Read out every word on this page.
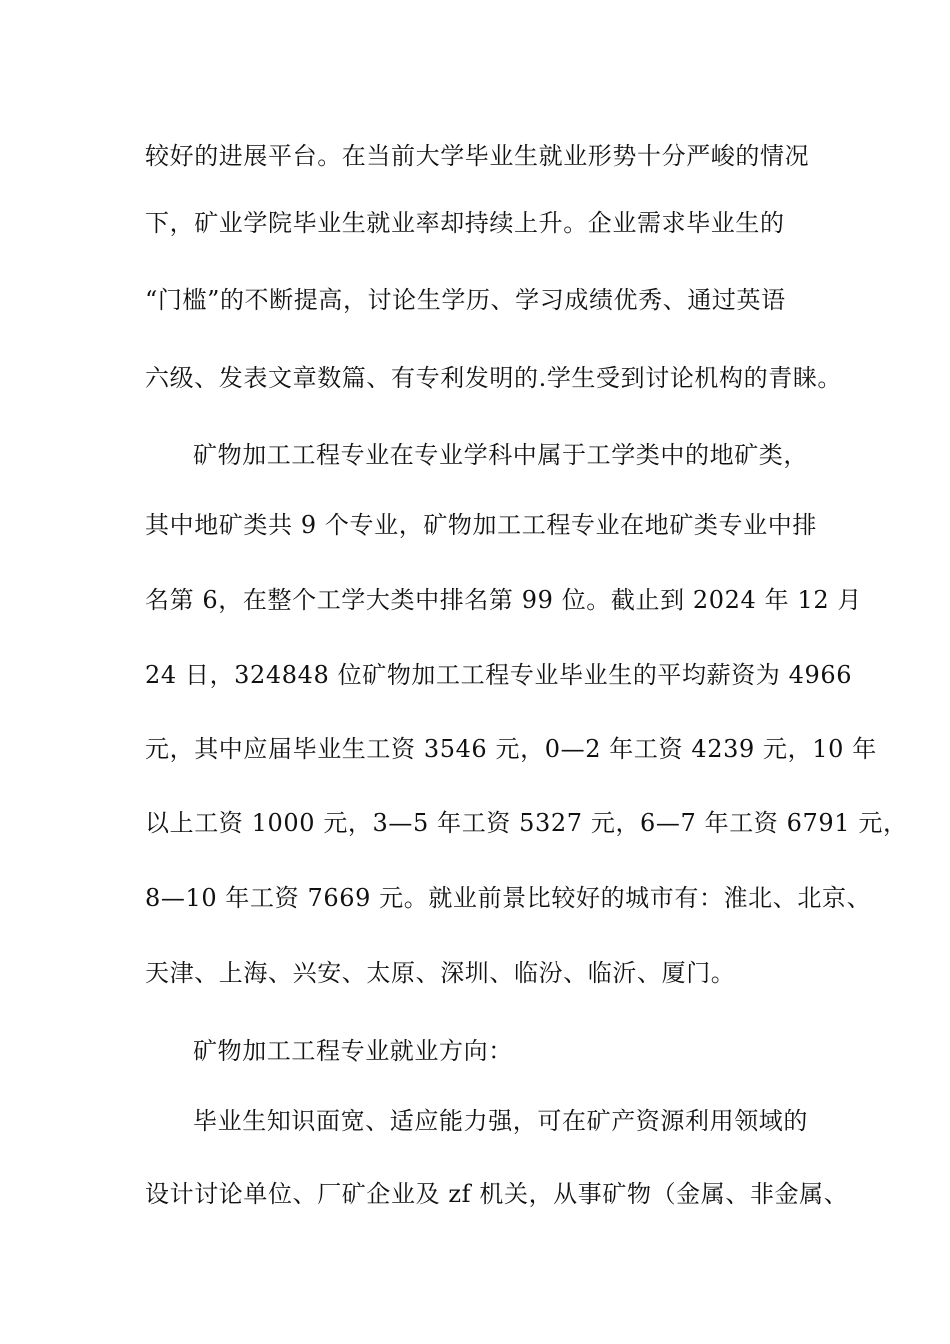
较好的进展平台。在当前大学毕业生就业形势十分严峻的情况
下，矿业学院毕业生就业率却持续上升。企业需求毕业生的
“门槛”的不断提高，讨论生学历、学习成绩优秀、通过英语
六级、发表文章数篇、有专利发明的.学生受到讨论机构的青睐。
矿物加工工程专业在专业学科中属于工学类中的地矿类，
其中地矿类共 9 个专业，矿物加工工程专业在地矿类专业中排
名第 6，在整个工学大类中排名第 99 位。截止到 2024 年 12 月
24 日，324848 位矿物加工工程专业毕业生的平均薪资为 4966
元，其中应届毕业生工资 3546 元，0—2 年工资 4239 元，10 年
以上工资 1000 元，3—5 年工资 5327 元，6—7 年工资 6791 元，
8—10 年工资 7669 元。就业前景比较好的城市有：淮北、北京、
天津、上海、兴安、太原、深圳、临汾、临沂、厦门。
矿物加工工程专业就业方向：
毕业生知识面宽、适应能力强，可在矿产资源利用领域的
设计讨论单位、厂矿企业及 zf 机关，从事矿物（金属、非金属、
